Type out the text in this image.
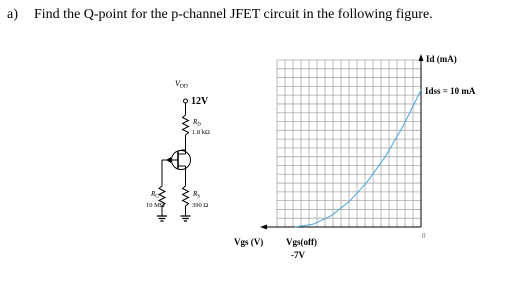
a) Find the Q-point for the p-channel JFET circuit in the following figure.
VDD
12V
$R_D$
1.8 kΩ
$R_G$
10 MΩ
$R_S$
390 Ω
Id (mA)
Idss = 10 mA
Vgs (V)	Vgs(off)
-7V
0
